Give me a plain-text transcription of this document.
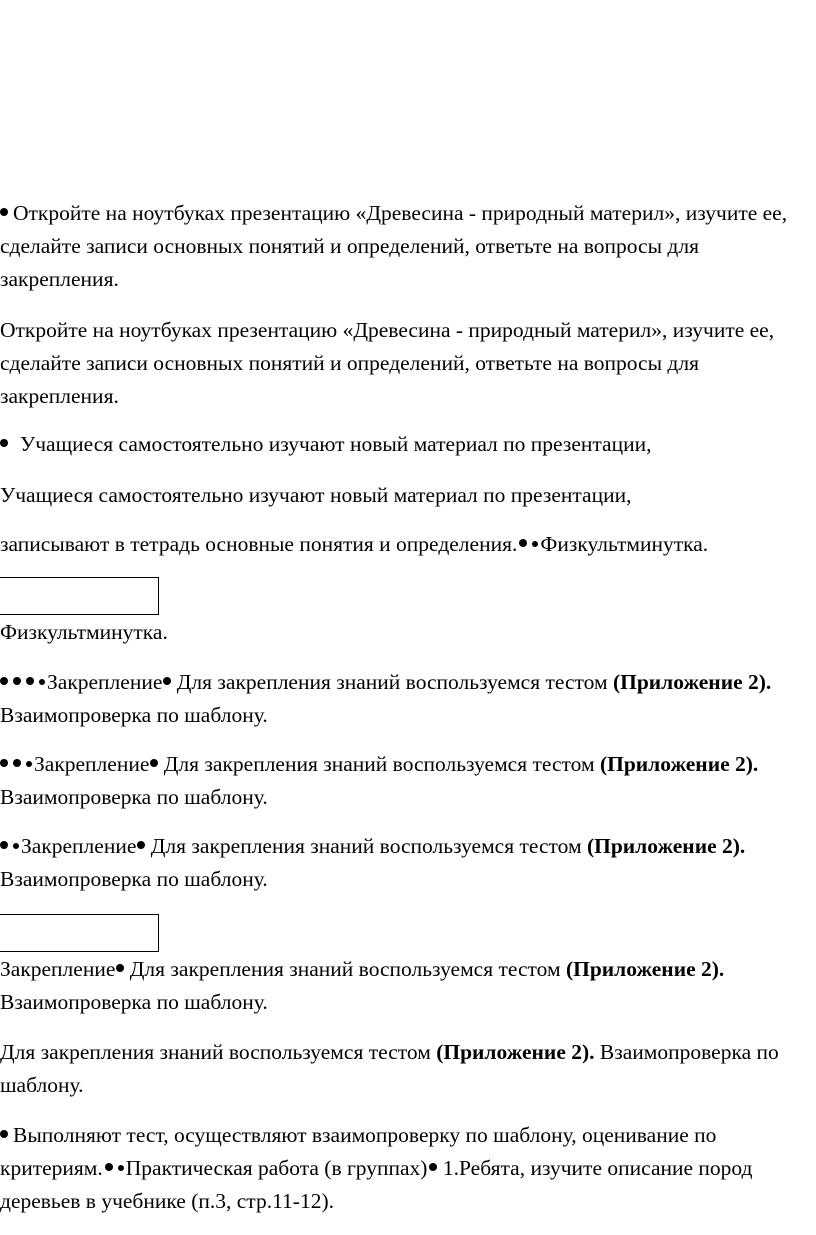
Откройте на ноутбуках презентацию «Древесина - природный материл», изучите ее, сделайте записи основных понятий и определений, ответьте на вопросы для закрепления.

Откройте на ноутбуках презентацию «Древесина - природный материл», изучите ее, сделайте записи основных понятий и определений, ответьте на вопросы для закрепления.

Учащиеся самостоятельно изучают новый материал по презентации,

Учащиеся самостоятельно изучают новый материал по презентации,

записывают в тетрадь основные понятия и определения. Физкультминутка.

Физкультминутка.

Закрепление Для закрепления знаний воспользуемся тестом (Приложение 2). Взаимопроверка по шаблону.

Закрепление Для закрепления знаний воспользуемся тестом (Приложение 2). Взаимопроверка по шаблону.

Закрепление Для закрепления знаний воспользуемся тестом (Приложение 2). Взаимопроверка по шаблону.

Закрепление Для закрепления знаний воспользуемся тестом (Приложение 2). Взаимопроверка по шаблону.

Для закрепления знаний воспользуемся тестом (Приложение 2). Взаимопроверка по шаблону.

Выполняют тест, осуществляют взаимопроверку по шаблону, оценивание по критериям. Практическая работа (в группах) 1.Ребята, изучите описание пород деревьев в учебнике (п.3, стр.11-12).
